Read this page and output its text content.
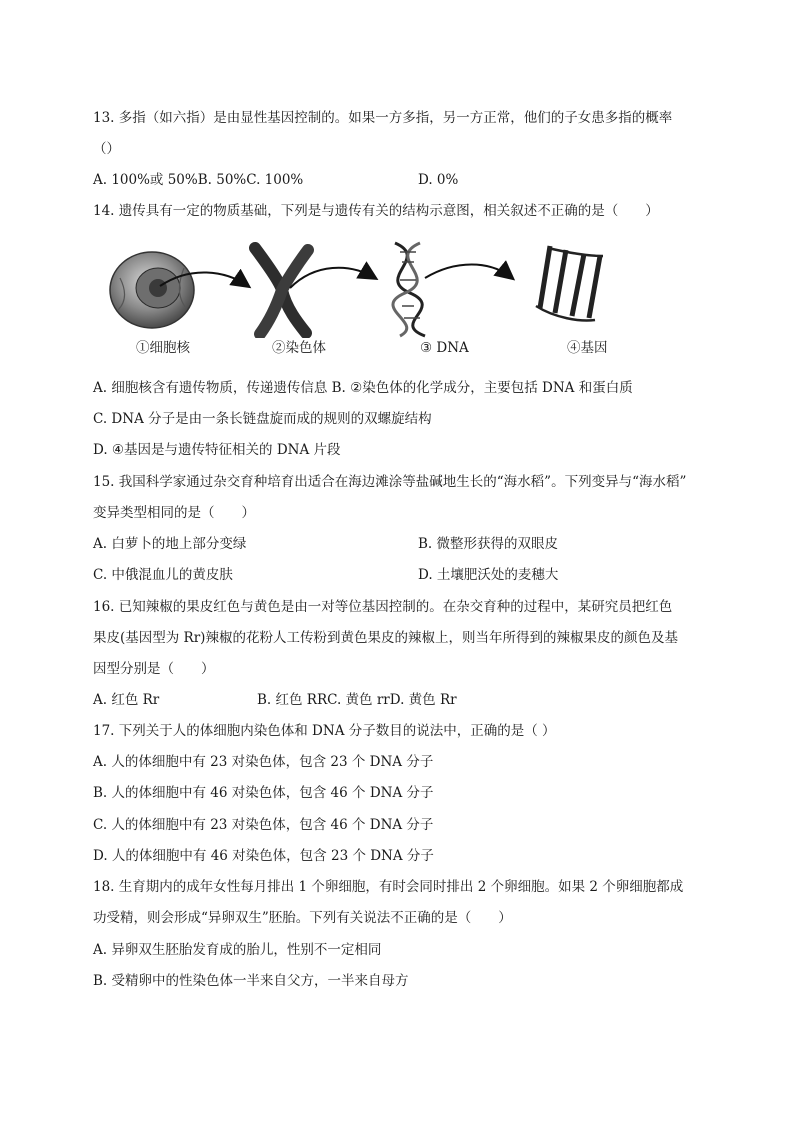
13. 多指（如六指）是由显性基因控制的。如果一方多指，另一方正常，他们的子女患多指的概率
（）
A. 100%或 50%B. 50%C. 100%	D. 0%
14. 遗传具有一定的物质基础，下列是与遗传有关的结构示意图，相关叙述不正确的是（　　）
①细胞核	②染色体	③ DNA	④基因
A. 细胞核含有遗传物质，传递遗传信息 B. ②染色体的化学成分，主要包括 DNA 和蛋白质
C. DNA 分子是由一条长链盘旋而成的规则的双螺旋结构
D. ④基因是与遗传特征相关的 DNA 片段
15. 我国科学家通过杂交育种培育出适合在海边滩涂等盐碱地生长的“海水稻”。下列变异与“海水稻”
变异类型相同的是（　　）
A. 白萝卜的地上部分变绿	B. 微整形获得的双眼皮
C. 中俄混血儿的黄皮肤	D. 土壤肥沃处的麦穗大
16. 已知辣椒的果皮红色与黄色是由一对等位基因控制的。在杂交育种的过程中，某研究员把红色
果皮(基因型为 Rr)辣椒的花粉人工传粉到黄色果皮的辣椒上，则当年所得到的辣椒果皮的颜色及基
因型分别是（　　）
A. 红色 Rr	B. 红色 RRC. 黄色 rrD. 黄色 Rr
17. 下列关于人的体细胞内染色体和 DNA 分子数目的说法中，正确的是（ ）
A. 人的体细胞中有 23 对染色体，包含 23 个 DNA 分子
B. 人的体细胞中有 46 对染色体，包含 46 个 DNA 分子
C. 人的体细胞中有 23 对染色体，包含 46 个 DNA 分子
D. 人的体细胞中有 46 对染色体，包含 23 个 DNA 分子
18. 生育期内的成年女性每月排出 1 个卵细胞，有时会同时排出 2 个卵细胞。如果 2 个卵细胞都成
功受精，则会形成“异卵双生”胚胎。下列有关说法不正确的是（　　）
A. 异卵双生胚胎发育成的胎儿，性别不一定相同
B. 受精卵中的性染色体一半来自父方，一半来自母方
